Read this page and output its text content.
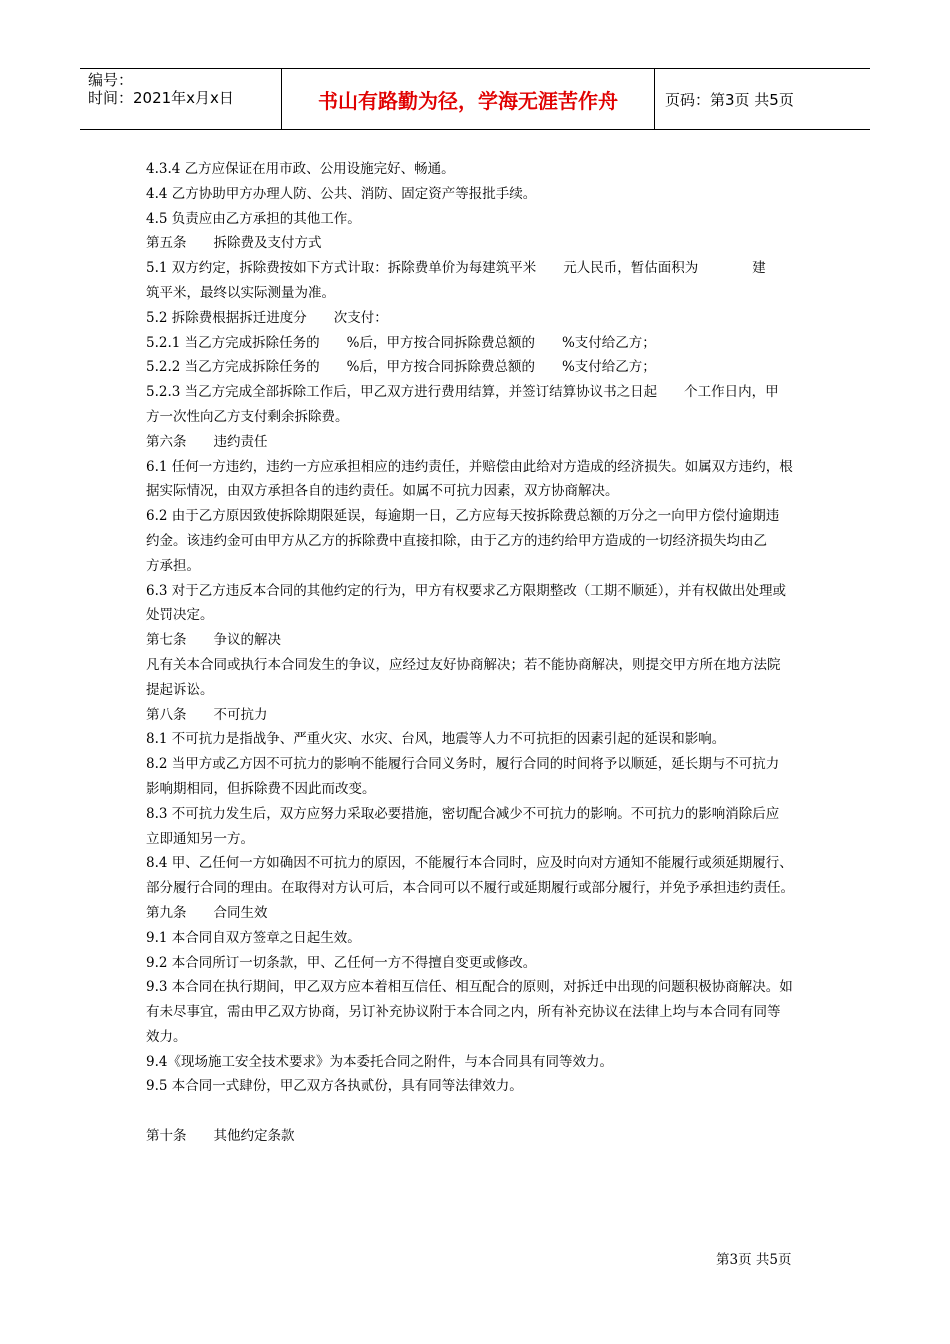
编号：
时间：2021年x月x日	书山有路勤为径，学海无涯苦作舟	页码：第3页 共5页

4.3.4 乙方应保证在用市政、公用设施完好、畅通。

4.4 乙方协助甲方办理人防、公共、消防、固定资产等报批手续。

4.5 负责应由乙方承担的其他工作。

第五条　　拆除费及支付方式

5.1 双方约定，拆除费按如下方式计取：拆除费单价为每建筑平米　　元人民币，暂估面积为　　　　建

筑平米，最终以实际测量为准。

5.2 拆除费根据拆迁进度分　　次支付：

5.2.1 当乙方完成拆除任务的　　%后，甲方按合同拆除费总额的　　%支付给乙方；

5.2.2 当乙方完成拆除任务的　　%后，甲方按合同拆除费总额的　　%支付给乙方；

5.2.3 当乙方完成全部拆除工作后，甲乙双方进行费用结算，并签订结算协议书之日起　　个工作日内，甲

方一次性向乙方支付剩余拆除费。

第六条　　违约责任

6.1 任何一方违约，违约一方应承担相应的违约责任，并赔偿由此给对方造成的经济损失。如属双方违约，根

据实际情况，由双方承担各自的违约责任。如属不可抗力因素，双方协商解决。

6.2 由于乙方原因致使拆除期限延误，每逾期一日，乙方应每天按拆除费总额的万分之一向甲方偿付逾期违

约金。该违约金可由甲方从乙方的拆除费中直接扣除，由于乙方的违约给甲方造成的一切经济损失均由乙

方承担。

6.3 对于乙方违反本合同的其他约定的行为，甲方有权要求乙方限期整改（工期不顺延），并有权做出处理或

处罚决定。

第七条　　争议的解决

凡有关本合同或执行本合同发生的争议，应经过友好协商解决；若不能协商解决，则提交甲方所在地方法院

提起诉讼。

第八条　　不可抗力

8.1 不可抗力是指战争、严重火灾、水灾、台风，地震等人力不可抗拒的因素引起的延误和影响。

8.2 当甲方或乙方因不可抗力的影响不能履行合同义务时，履行合同的时间将予以顺延，延长期与不可抗力

影响期相同，但拆除费不因此而改变。

8.3 不可抗力发生后，双方应努力采取必要措施，密切配合减少不可抗力的影响。不可抗力的影响消除后应

立即通知另一方。

8.4 甲、乙任何一方如确因不可抗力的原因，不能履行本合同时，应及时向对方通知不能履行或须延期履行、

部分履行合同的理由。在取得对方认可后，本合同可以不履行或延期履行或部分履行，并免予承担违约责任。

第九条　　合同生效

9.1 本合同自双方签章之日起生效。

9.2 本合同所订一切条款，甲、乙任何一方不得擅自变更或修改。

9.3 本合同在执行期间，甲乙双方应本着相互信任、相互配合的原则，对拆迁中出现的问题积极协商解决。如

有未尽事宜，需由甲乙双方协商，另订补充协议附于本合同之内，所有补充协议在法律上均与本合同有同等

效力。

9.4《现场施工安全技术要求》为本委托合同之附件，与本合同具有同等效力。

9.5 本合同一式肆份，甲乙双方各执贰份，具有同等法律效力。

第十条　　其他约定条款

第3页 共5页
